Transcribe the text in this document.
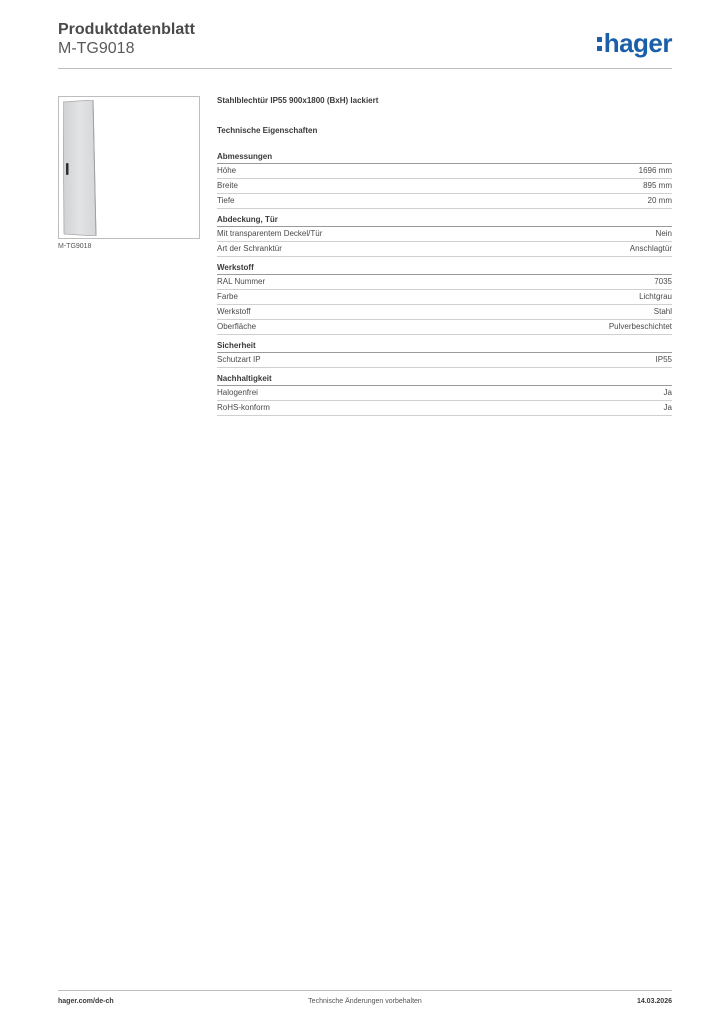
Produktdatenblatt
M-TG9018	hager
M-TG9018
Stahlblechtür IP55 900x1800 (BxH) lackiert
Technische Eigenschaften
Abmessungen
Höhe	1696 mm
Breite	895 mm
Tiefe	20 mm
Abdeckung, Tür
Mit transparentem Deckel/Tür	Nein
Art der Schranktür	Anschlagtür
Werkstoff
RAL Nummer	7035
Farbe	Lichtgrau
Werkstoff	Stahl
Oberfläche	Pulverbeschichtet
Sicherheit
Schutzart IP	IP55
Nachhaltigkeit
Halogenfrei	Ja
RoHS-konform	Ja
hager.com/de-ch	Technische Änderungen vorbehalten	14.03.2026
